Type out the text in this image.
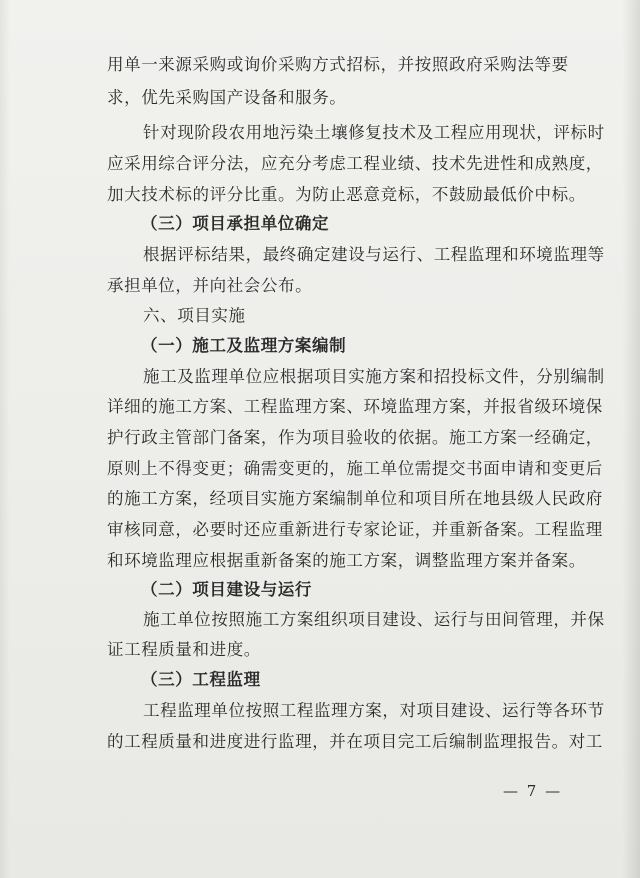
用单一来源采购或询价采购方式招标，并按照政府采购法等要
求，优先采购国产设备和服务。
针对现阶段农用地污染土壤修复技术及工程应用现状，评标时
应采用综合评分法，应充分考虑工程业绩、技术先进性和成熟度，
加大技术标的评分比重。为防止恶意竞标，不鼓励最低价中标。
（三）项目承担单位确定
根据评标结果，最终确定建设与运行、工程监理和环境监理等
承担单位，并向社会公布。
六、项目实施
（一）施工及监理方案编制
施工及监理单位应根据项目实施方案和招投标文件，分别编制
详细的施工方案、工程监理方案、环境监理方案，并报省级环境保
护行政主管部门备案，作为项目验收的依据。施工方案一经确定，
原则上不得变更；确需变更的，施工单位需提交书面申请和变更后
的施工方案，经项目实施方案编制单位和项目所在地县级人民政府
审核同意，必要时还应重新进行专家论证，并重新备案。工程监理
和环境监理应根据重新备案的施工方案，调整监理方案并备案。
（二）项目建设与运行
施工单位按照施工方案组织项目建设、运行与田间管理，并保
证工程质量和进度。
（三）工程监理
工程监理单位按照工程监理方案，对项目建设、运行等各环节
的工程质量和进度进行监理，并在项目完工后编制监理报告。对工
— 7 —
